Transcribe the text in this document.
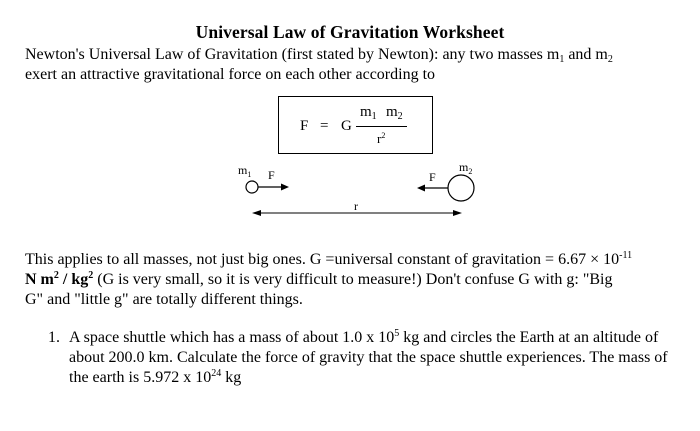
Universal Law of Gravitation Worksheet
Newton's Universal Law of Gravitation (first stated by Newton): any two masses $m_1$ and $m_2$
exert an attractive gravitational force on each other according to
F = G
$m_1$ $m_2$
$r^2$
$m_1$ F
$m_2$
F
r
This applies to all masses, not just big ones. G =universal constant of gravitation = $6.67 \times 10^{-11}$
N $m^2 / kg^2$ (G is very small, so it is very difficult to measure!) Don't confuse G with g: "Big
G" and "little g" are totally different things.
1. A space shuttle which has a mass of about 1.0 x $10^5$ kg and circles the Earth at an altitude of about 200.0 km. Calculate the force of gravity that the space shuttle experiences. The mass of the earth is 5.972 x $10^{24}$ kg
